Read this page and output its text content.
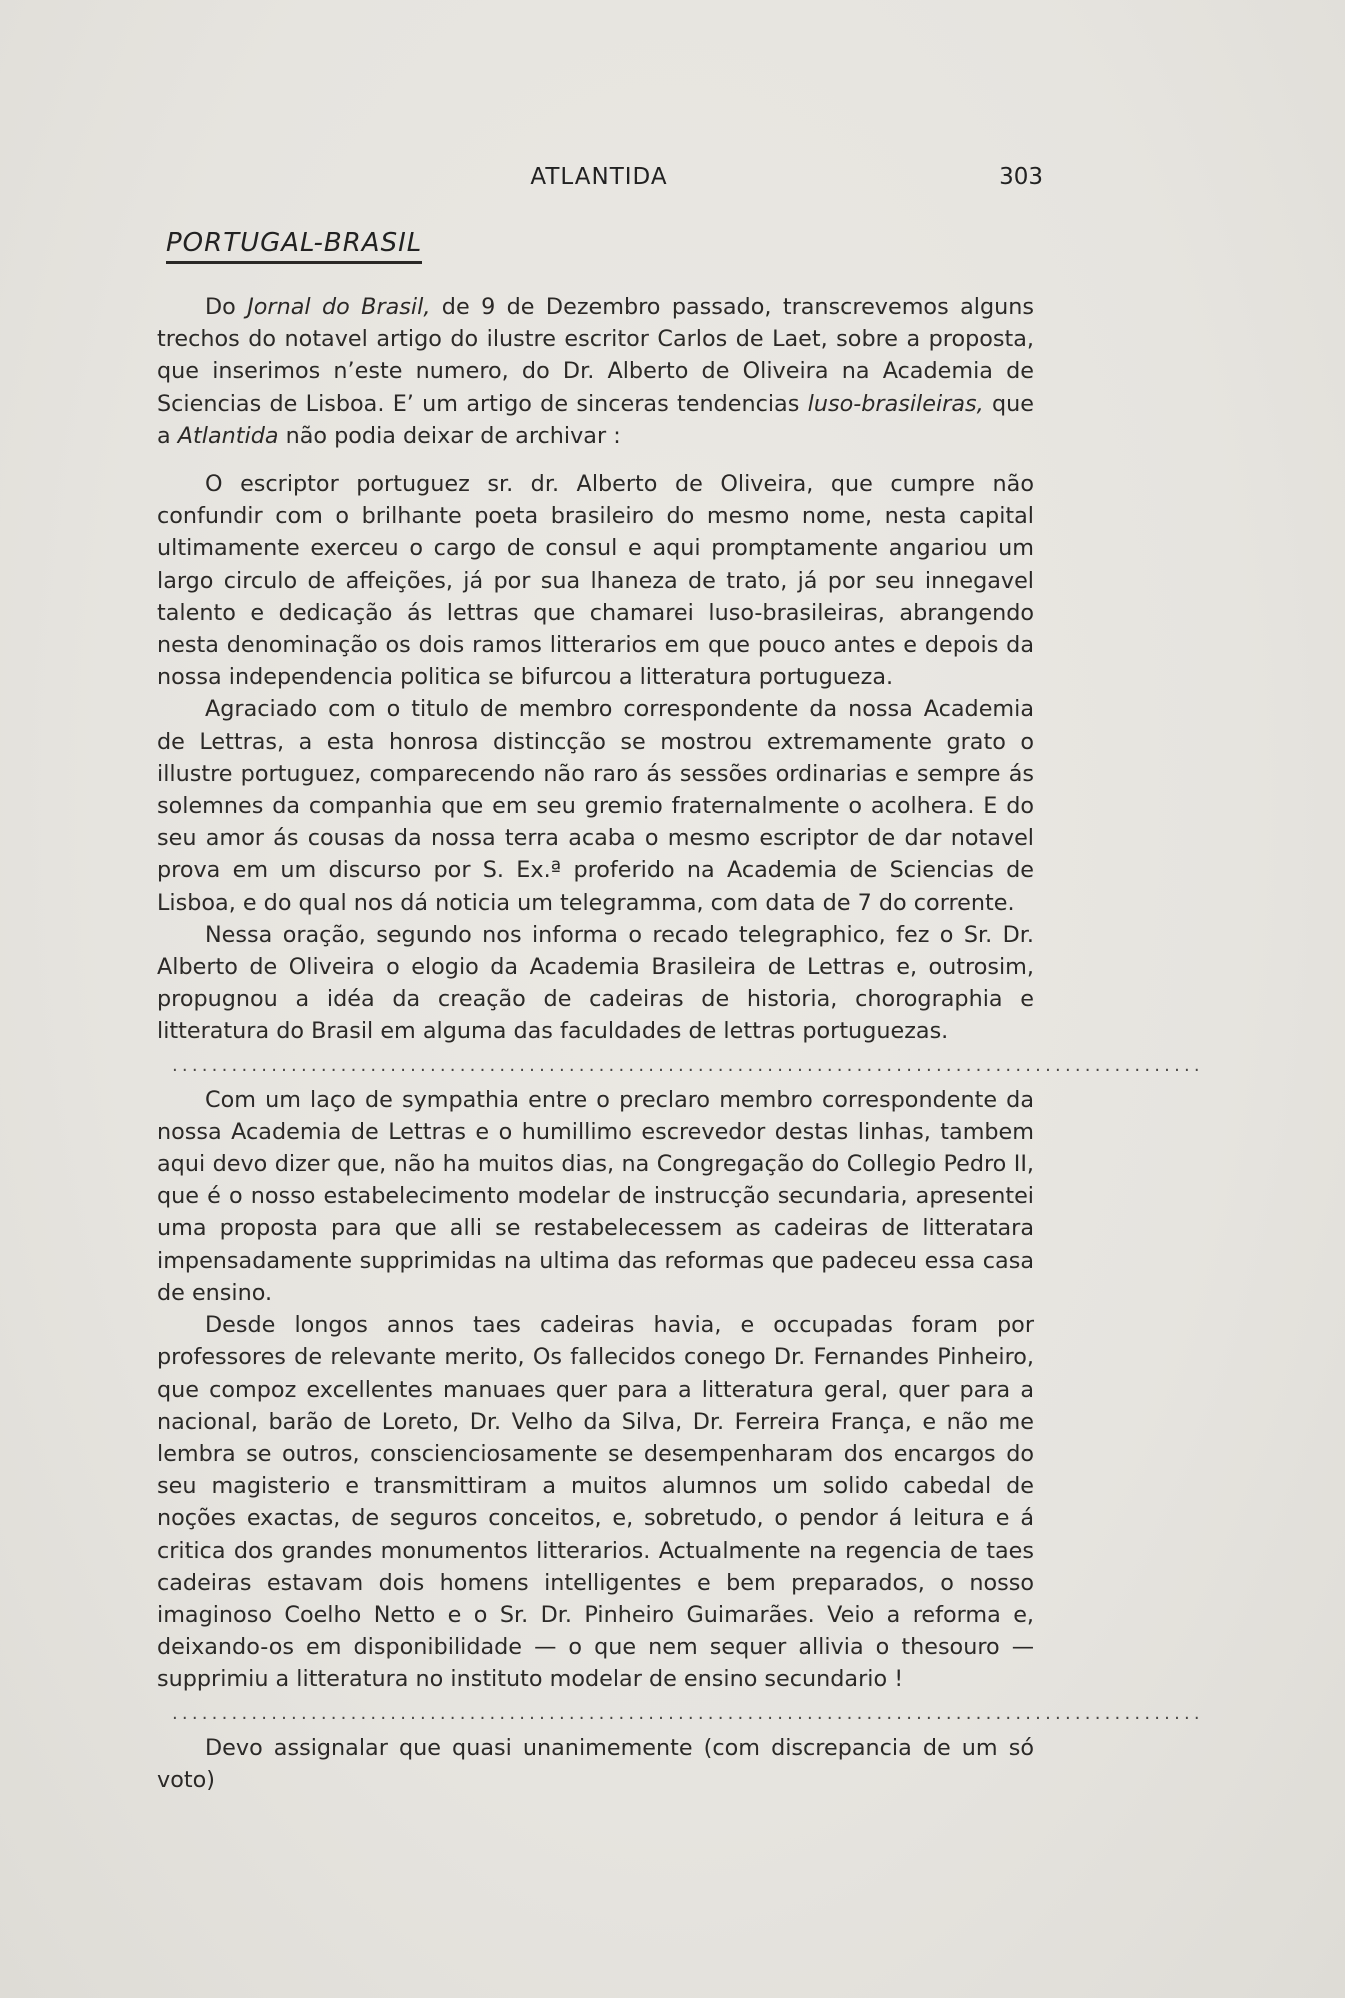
ATLANTIDA	303
PORTUGAL-BRASIL

Do Jornal do Brasil, de 9 de Dezembro passado, transcrevemos alguns trechos do notavel artigo do ilustre escritor Carlos de Laet, sobre a proposta, que inserimos n’este numero, do Dr. Alberto de Oliveira na Academia de Sciencias de Lisboa. E’ um artigo de sinceras tendencias luso-brasileiras, que a Atlantida não podia deixar de archivar :

O escriptor portuguez sr. dr. Alberto de Oliveira, que cumpre não confundir com o brilhante poeta brasileiro do mesmo nome, nesta capital ultimamente exerceu o cargo de consul e aqui promptamente angariou um largo circulo de affeições, já por sua lhaneza de trato, já por seu innegavel talento e dedicação ás lettras que chamarei luso-brasileiras, abrangendo nesta denominação os dois ramos litterarios em que pouco antes e depois da nossa independencia politica se bifurcou a litteratura portugueza.

Agraciado com o titulo de membro correspondente da nossa Academia de Lettras, a esta honrosa distincção se mostrou extremamente grato o illustre portuguez, comparecendo não raro ás sessões ordinarias e sempre ás solemnes da companhia que em seu gremio fraternalmente o acolhera. E do seu amor ás cousas da nossa terra acaba o mesmo escriptor de dar notavel prova em um discurso por S. Ex.ª proferido na Academia de Sciencias de Lisboa, e do qual nos dá noticia um telegramma, com data de 7 do corrente.

Nessa oração, segundo nos informa o recado telegraphico, fez o Sr. Dr. Alberto de Oliveira o elogio da Academia Brasileira de Lettras e, outrosim, propugnou a idéa da creação de cadeiras de historia, chorographia e litteratura do Brasil em alguma das faculdades de lettras portuguezas.

........................................................................................................

Com um laço de sympathia entre o preclaro membro correspondente da nossa Academia de Lettras e o humillimo escrevedor destas linhas, tambem aqui devo dizer que, não ha muitos dias, na Congregação do Collegio Pedro II, que é o nosso estabelecimento modelar de instrucção secundaria, apresentei uma proposta para que alli se restabelecessem as cadeiras de litteratara impensadamente supprimidas na ultima das reformas que padeceu essa casa de ensino.

Desde longos annos taes cadeiras havia, e occupadas foram por professores de relevante merito, Os fallecidos conego Dr. Fernandes Pinheiro, que compoz excellentes manuaes quer para a litteratura geral, quer para a nacional, barão de Loreto, Dr. Velho da Silva, Dr. Ferreira França, e não me lembra se outros, conscienciosamente se desempenharam dos encargos do seu magisterio e transmittiram a muitos alumnos um solido cabedal de noções exactas, de seguros conceitos, e, sobretudo, o pendor á leitura e á critica dos grandes monumentos litterarios. Actualmente na regencia de taes cadeiras estavam dois homens intelligentes e bem preparados, o nosso imaginoso Coelho Netto e o Sr. Dr. Pinheiro Guimarães. Veio a reforma e, deixando-os em disponibilidade — o que nem sequer allivia o thesouro — supprimiu a litteratura no instituto modelar de ensino secundario !

........................................................................................................

Devo assignalar que quasi unanimemente (com discrepancia de um só voto)
